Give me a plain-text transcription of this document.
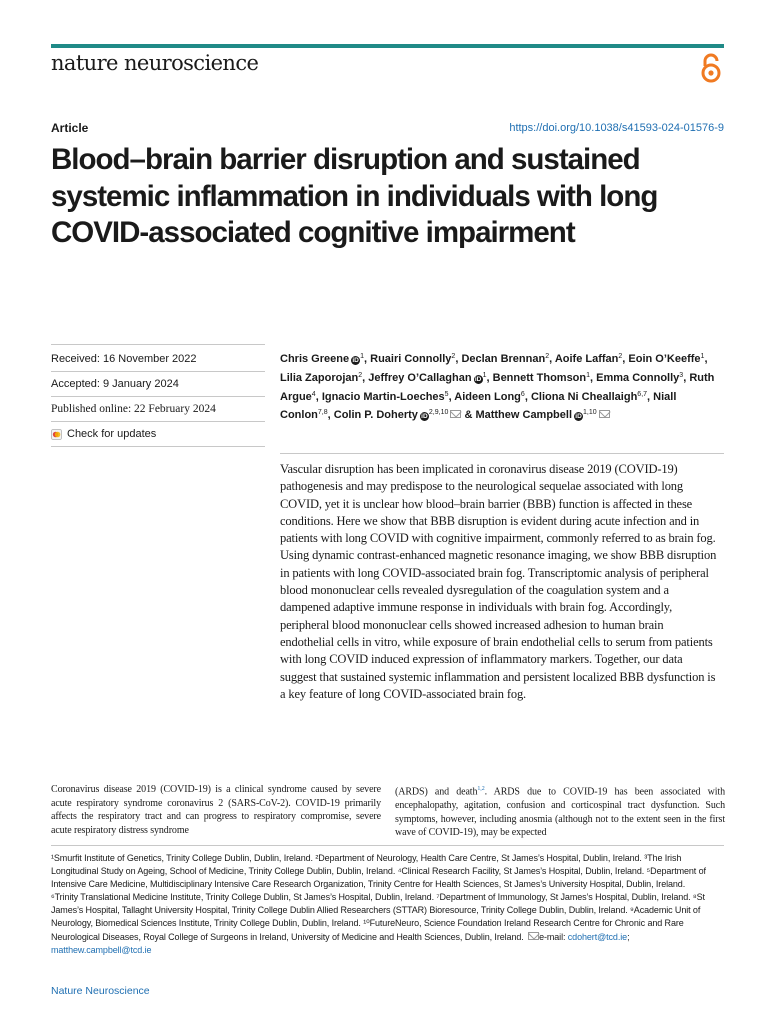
nature neuroscience
Article	https://doi.org/10.1038/s41593-024-01576-9
Blood–brain barrier disruption and sustained systemic inflammation in individuals with long COVID-associated cognitive impairment
Received: 16 November 2022
Accepted: 9 January 2024
Published online: 22 February 2024
Check for updates
Chris Greene $iD^1$, Ruairi Connolly$^2$, Declan Brennan$^2$, Aoife Laffan$^2$, Eoin O’Keeffe$^1$, Lilia Zaporojan$^2$, Jeffrey O’Callaghan $iD^1$, Bennett Thomson$^1$, Emma Connolly$^3$, Ruth Argue$^4$, Ignacio Martin-Loeches$^5$, Aideen Long$^6$, Cliona Ni Cheallaigh$^{6,7}$, Niall Conlon$^{7,8}$, Colin P. Doherty iD$^{2,9,10}$ & Matthew Campbell iD$^{1,10}$

Vascular disruption has been implicated in coronavirus disease 2019 (COVID-19) pathogenesis and may predispose to the neurological sequelae associated with long COVID, yet it is unclear how blood–brain barrier (BBB) function is affected in these conditions. Here we show that BBB disruption is evident during acute infection and in patients with long COVID with cognitive impairment, commonly referred to as brain fog. Using dynamic contrast-enhanced magnetic resonance imaging, we show BBB disruption in patients with long COVID-associated brain fog. Transcriptomic analysis of peripheral blood mononuclear cells revealed dysregulation of the coagulation system and a dampened adaptive immune response in individuals with brain fog. Accordingly, peripheral blood mononuclear cells showed increased adhesion to human brain endothelial cells in vitro, while exposure of brain endothelial cells to serum from patients with long COVID induced expression of inflammatory markers. Together, our data suggest that sustained systemic inflammation and persistent localized BBB dysfunction is a key feature of long COVID-associated brain fog.

Coronavirus disease 2019 (COVID-19) is a clinical syndrome caused by severe acute respiratory syndrome coronavirus 2 (SARS-CoV-2). COVID-19 primarily affects the respiratory tract and can progress to respiratory compromise, severe acute respiratory distress syndrome

(ARDS) and death$^{1,2}$. ARDS due to COVID-19 has been associated with encephalopathy, agitation, confusion and corticospinal tract dysfunction. Such symptoms, however, including anosmia (although not to the extent seen in the first wave of COVID-19), may be expected

¹Smurfit Institute of Genetics, Trinity College Dublin, Dublin, Ireland. ²Department of Neurology, Health Care Centre, St James’s Hospital, Dublin, Ireland. ³The Irish Longitudinal Study on Ageing, School of Medicine, Trinity College Dublin, Dublin, Ireland. ⁴Clinical Research Facility, St James’s Hospital, Dublin, Ireland. ⁵Department of Intensive Care Medicine, Multidisciplinary Intensive Care Research Organization, Trinity Centre for Health Sciences, St James’s University Hospital, Dublin, Ireland. ⁶Trinity Translational Medicine Institute, Trinity College Dublin, St James’s Hospital, Dublin, Ireland. ⁷Department of Immunology, St James’s Hospital, Dublin, Ireland. ⁸St James’s Hospital, Tallaght University Hospital, Trinity College Dublin Allied Researchers (STTAR) Bioresource, Trinity College Dublin, Dublin, Ireland. ⁹Academic Unit of Neurology, Biomedical Sciences Institute, Trinity College Dublin, Dublin, Ireland. ¹⁰FutureNeuro, Science Foundation Ireland Research Centre for Chronic and Rare Neurological Diseases, Royal College of Surgeons in Ireland, University of Medicine and Health Sciences, Dublin, Ireland. e-mail: cdohert@tcd.ie; matthew.campbell@tcd.ie

Nature Neuroscience
